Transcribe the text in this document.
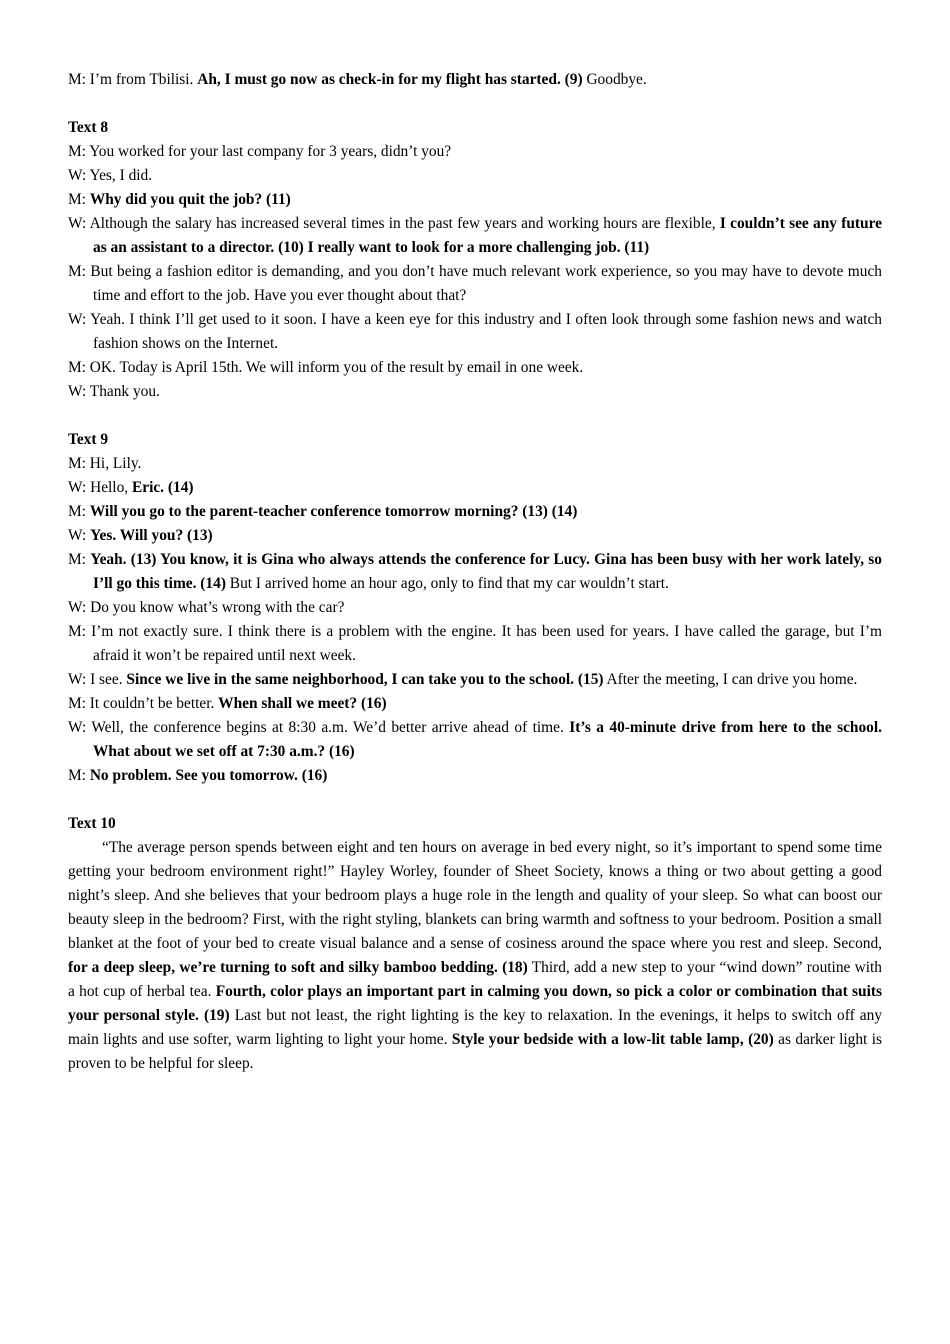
M: I’m from Tbilisi. Ah, I must go now as check-in for my flight has started. (9) Goodbye.
Text 8
M: You worked for your last company for 3 years, didn’t you?
W: Yes, I did.
M: Why did you quit the job? (11)
W: Although the salary has increased several times in the past few years and working hours are flexible, I couldn’t see any future as an assistant to a director. (10) I really want to look for a more challenging job. (11)
M: But being a fashion editor is demanding, and you don’t have much relevant work experience, so you may have to devote much time and effort to the job. Have you ever thought about that?
W: Yeah. I think I’ll get used to it soon. I have a keen eye for this industry and I often look through some fashion news and watch fashion shows on the Internet.
M: OK. Today is April 15th. We will inform you of the result by email in one week.
W: Thank you.
Text 9
M: Hi, Lily.
W: Hello, Eric. (14)
M: Will you go to the parent-teacher conference tomorrow morning? (13) (14)
W: Yes. Will you? (13)
M: Yeah. (13) You know, it is Gina who always attends the conference for Lucy. Gina has been busy with her work lately, so I’ll go this time. (14) But I arrived home an hour ago, only to find that my car wouldn’t start.
W: Do you know what’s wrong with the car?
M: I’m not exactly sure. I think there is a problem with the engine. It has been used for years. I have called the garage, but I’m afraid it won’t be repaired until next week.
W: I see. Since we live in the same neighborhood, I can take you to the school. (15) After the meeting, I can drive you home.
M: It couldn’t be better. When shall we meet? (16)
W: Well, the conference begins at 8:30 a.m. We’d better arrive ahead of time. It’s a 40-minute drive from here to the school. What about we set off at 7:30 a.m.? (16)
M: No problem. See you tomorrow. (16)
Text 10

“The average person spends between eight and ten hours on average in bed every night, so it’s important to spend some time getting your bedroom environment right!” Hayley Worley, founder of Sheet Society, knows a thing or two about getting a good night’s sleep. And she believes that your bedroom plays a huge role in the length and quality of your sleep. So what can boost our beauty sleep in the bedroom? First, with the right styling, blankets can bring warmth and softness to your bedroom. Position a small blanket at the foot of your bed to create visual balance and a sense of cosiness around the space where you rest and sleep. Second, for a deep sleep, we’re turning to soft and silky bamboo bedding. (18) Third, add a new step to your “wind down” routine with a hot cup of herbal tea. Fourth, color plays an important part in calming you down, so pick a color or combination that suits your personal style. (19) Last but not least, the right lighting is the key to relaxation. In the evenings, it helps to switch off any main lights and use softer, warm lighting to light your home. Style your bedside with a low-lit table lamp, (20) as darker light is proven to be helpful for sleep.
